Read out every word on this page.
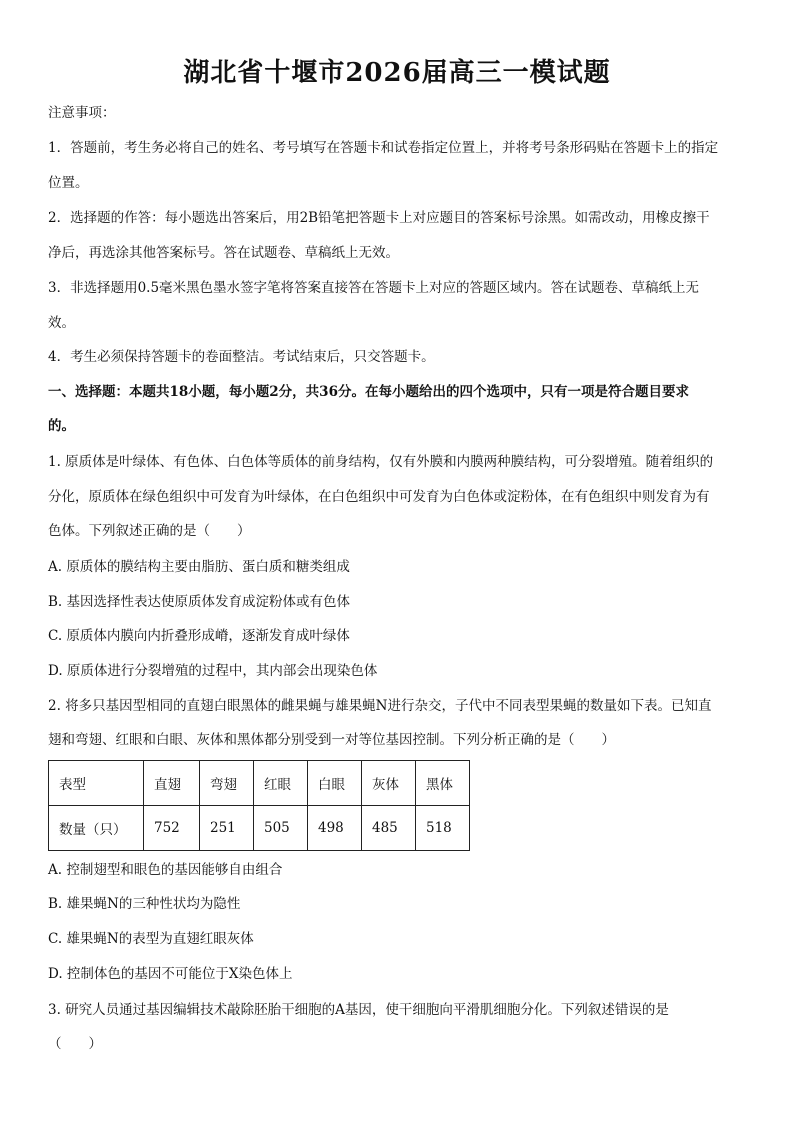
湖北省十堰市2026届高三一模试题
注意事项：
1．答题前，考生务必将自己的姓名、考号填写在答题卡和试卷指定位置上，并将考号条形码贴在答题卡上的指定
位置。
2．选择题的作答：每小题选出答案后，用2B铅笔把答题卡上对应题目的答案标号涂黑。如需改动，用橡皮擦干
净后，再选涂其他答案标号。答在试题卷、草稿纸上无效。
3．非选择题用0.5毫米黑色墨水签字笔将答案直接答在答题卡上对应的答题区域内。答在试题卷、草稿纸上无
效。
4．考生必须保持答题卡的卷面整洁。考试结束后，只交答题卡。
一、选择题：本题共18小题，每小题2分，共36分。在每小题给出的四个选项中，只有一项是符合题目要求
的。
1. 原质体是叶绿体、有色体、白色体等质体的前身结构，仅有外膜和内膜两种膜结构，可分裂增殖。随着组织的
分化，原质体在绿色组织中可发育为叶绿体，在白色组织中可发育为白色体或淀粉体，在有色组织中则发育为有
色体。下列叙述正确的是（　　）
A. 原质体的膜结构主要由脂肪、蛋白质和糖类组成
B. 基因选择性表达使原质体发育成淀粉体或有色体
C. 原质体内膜向内折叠形成嵴，逐渐发育成叶绿体
D. 原质体进行分裂增殖的过程中，其内部会出现染色体
2. 将多只基因型相同的直翅白眼黑体的雌果蝇与雄果蝇N进行杂交，子代中不同表型果蝇的数量如下表。已知直
翅和弯翅、红眼和白眼、灰体和黑体都分别受到一对等位基因控制。下列分析正确的是（　　）
表型	直翅	弯翅	红眼	白眼	灰体	黑体
数量（只）	752	251	505	498	485	518
A. 控制翅型和眼色的基因能够自由组合
B. 雄果蝇N的三种性状均为隐性
C. 雄果蝇N的表型为直翅红眼灰体
D. 控制体色的基因不可能位于X染色体上
3. 研究人员通过基因编辑技术敲除胚胎干细胞的A基因，使干细胞向平滑肌细胞分化。下列叙述错误的是
（　　）
